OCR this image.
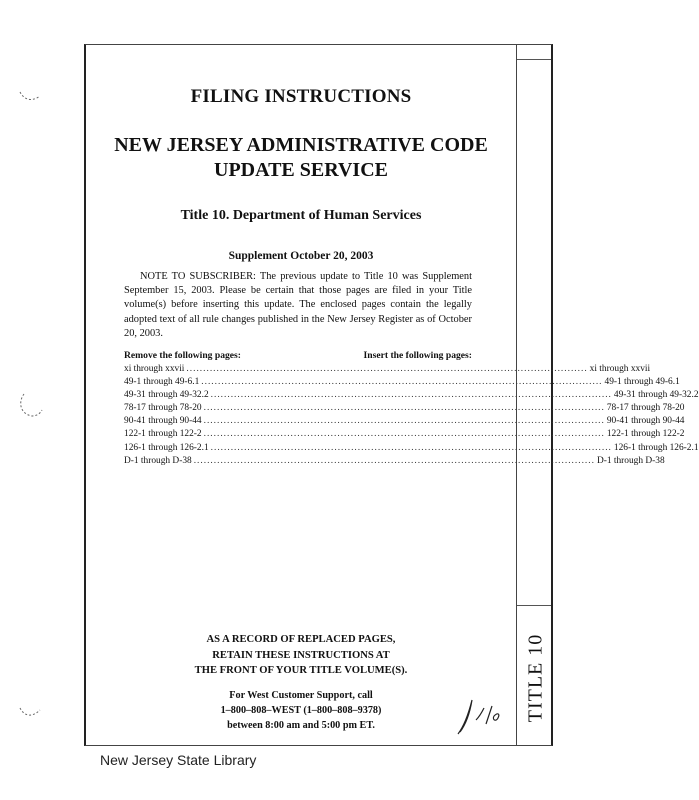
TITLE 10
FILING INSTRUCTIONS
NEW JERSEY ADMINISTRATIVE CODE
UPDATE SERVICE
Title 10. Department of Human Services
Supplement October 20, 2003
NOTE TO SUBSCRIBER: The previous update to Title 10 was Supplement September 15, 2003. Please be certain that those pages are filed in your Title volume(s) before inserting this update. The enclosed pages contain the legally adopted text of all rule changes published in the New Jersey Register as of October 20, 2003.
Remove the following pages:	Insert the following pages:
xi through xxvii ........................................................................................................................ xi through xxvii
49-1 through 49-6.1 ........................................................................................................................ 49-1 through 49-6.1
49-31 through 49-32.2 ........................................................................................................................ 49-31 through 49-32.2
78-17 through 78-20 ........................................................................................................................ 78-17 through 78-20
90-41 through 90-44 ........................................................................................................................ 90-41 through 90-44
122-1 through 122-2 ........................................................................................................................ 122-1 through 122-2
126-1 through 126-2.1 ........................................................................................................................ 126-1 through 126-2.1
D-1 through D-38 ........................................................................................................................ D-1 through D-38
AS A RECORD OF REPLACED PAGES,
RETAIN THESE INSTRUCTIONS AT
THE FRONT OF YOUR TITLE VOLUME(S).
For West Customer Support, call
1–800–808–WEST (1–800–808–9378)
between 8:00 am and 5:00 pm ET.
New Jersey State Library
